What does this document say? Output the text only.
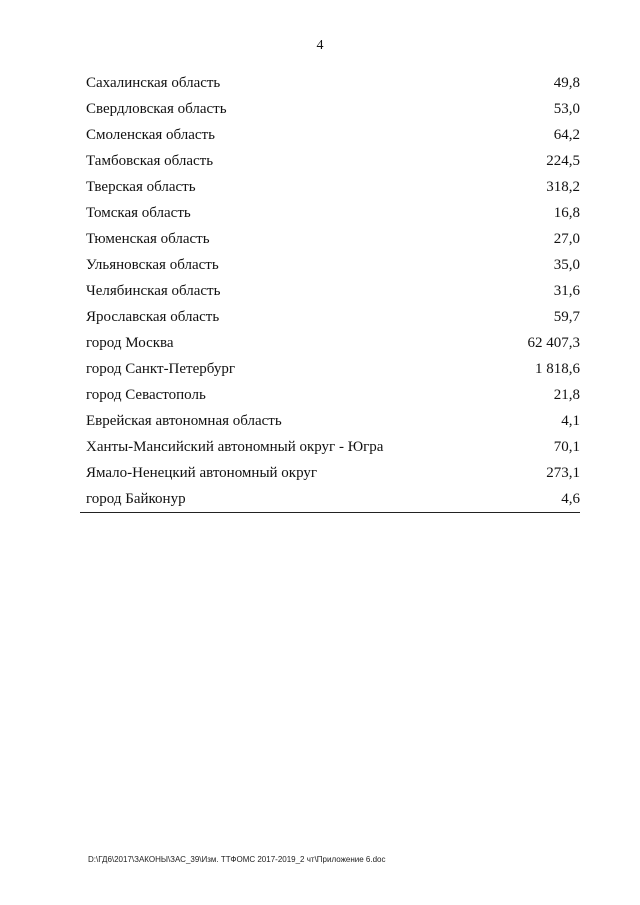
4
Сахалинская область	49,8
Свердловская область	53,0
Смоленская область	64,2
Тамбовская область	224,5
Тверская область	318,2
Томская область	16,8
Тюменская область	27,0
Ульяновская область	35,0
Челябинская область	31,6
Ярославская область	59,7
город Москва	62 407,3
город Санкт-Петербург	1 818,6
город Севастополь	21,8
Еврейская автономная область	4,1
Ханты-Мансийский автономный округ - Югра	70,1
Ямало-Ненецкий автономный округ	273,1
город Байконур	4,6
D:\ГД6\2017\ЗАКОНЫ\ЗАС_39\Изм. ТТФОМС 2017-2019_2 чт\Приложение 6.doc
